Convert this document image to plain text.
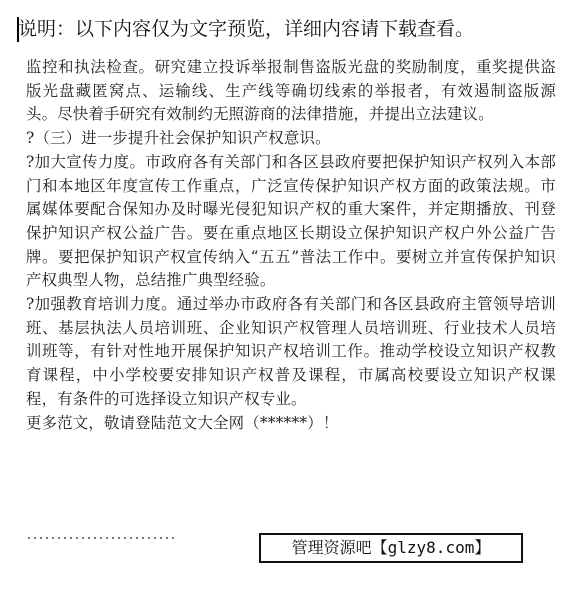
说明：以下内容仅为文字预览，详细内容请下载查看。

监控和执法检查。研究建立投诉举报制售盗版光盘的奖励制度，重奖提供盗版光盘藏匿窝点、运输线、生产线等确切线索的举报者，有效遏制盗版源头。尽快着手研究有效制约无照游商的法律措施，并提出立法建议。

?（三）进一步提升社会保护知识产权意识。

?加大宣传力度。市政府各有关部门和各区县政府要把保护知识产权列入本部门和本地区年度宣传工作重点，广泛宣传保护知识产权方面的政策法规。市属媒体要配合保知办及时曝光侵犯知识产权的重大案件，并定期播放、刊登保护知识产权公益广告。要在重点地区长期设立保护知识产权户外公益广告牌。要把保护知识产权宣传纳入“五五”普法工作中。要树立并宣传保护知识产权典型人物，总结推广典型经验。

?加强教育培训力度。通过举办市政府各有关部门和各区县政府主管领导培训班、基层执法人员培训班、企业知识产权管理人员培训班、行业技术人员培训班等，有针对性地开展保护知识产权培训工作。推动学校设立知识产权教育课程，中小学校要安排知识产权普及课程，市属高校要设立知识产权课程，有条件的可选择设立知识产权专业。

更多范文，敬请登陆范文大全网（******）！

管理资源吧【glzy8.com】
